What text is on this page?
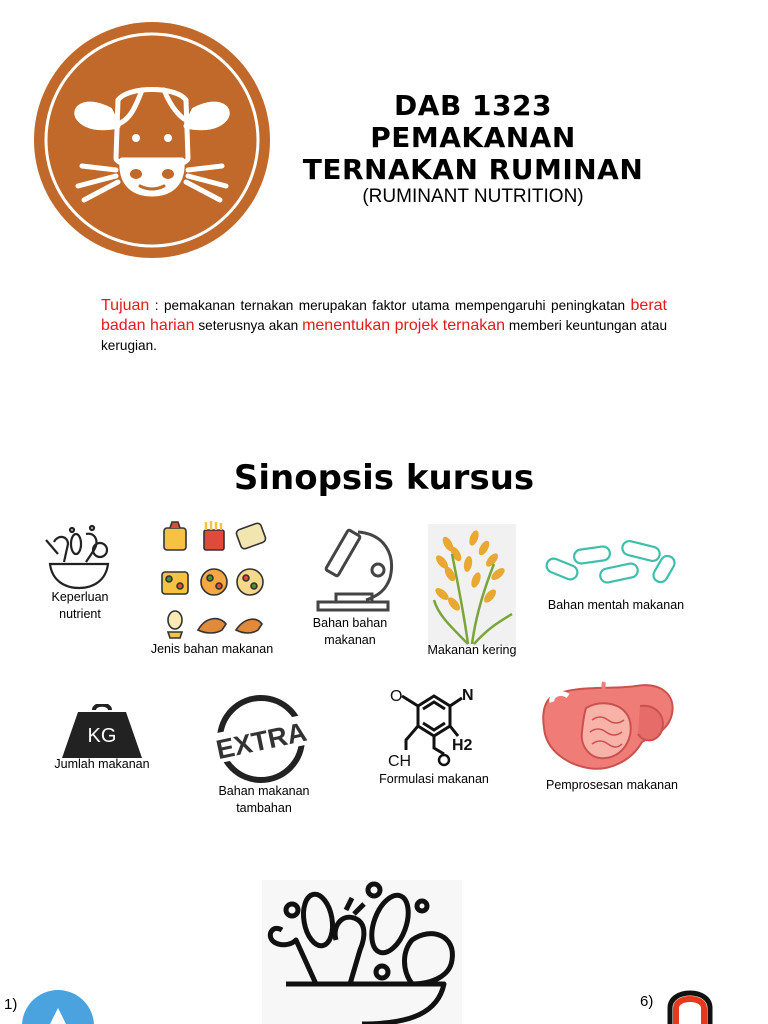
DAB 1323
PEMAKANAN
TERNAKAN RUMINAN
(RUMINANT NUTRITION)
Tujuan : pemakanan ternakan merupakan faktor utama mempengaruhi peningkatan berat badan harian seterusnya akan menentukan projek ternakan memberi keuntungan atau kerugian.
Sinopsis kursus
Keperluan nutrient
Jenis bahan makanan
Bahan bahan makanan
Makanan kering
Bahan mentah makanan
KG
Jumlah makanan	EXTRA
Bahan makanan tambahan
O	N
CH
H2
Formulasi makanan	Pemprosesan makanan
1)	6)
